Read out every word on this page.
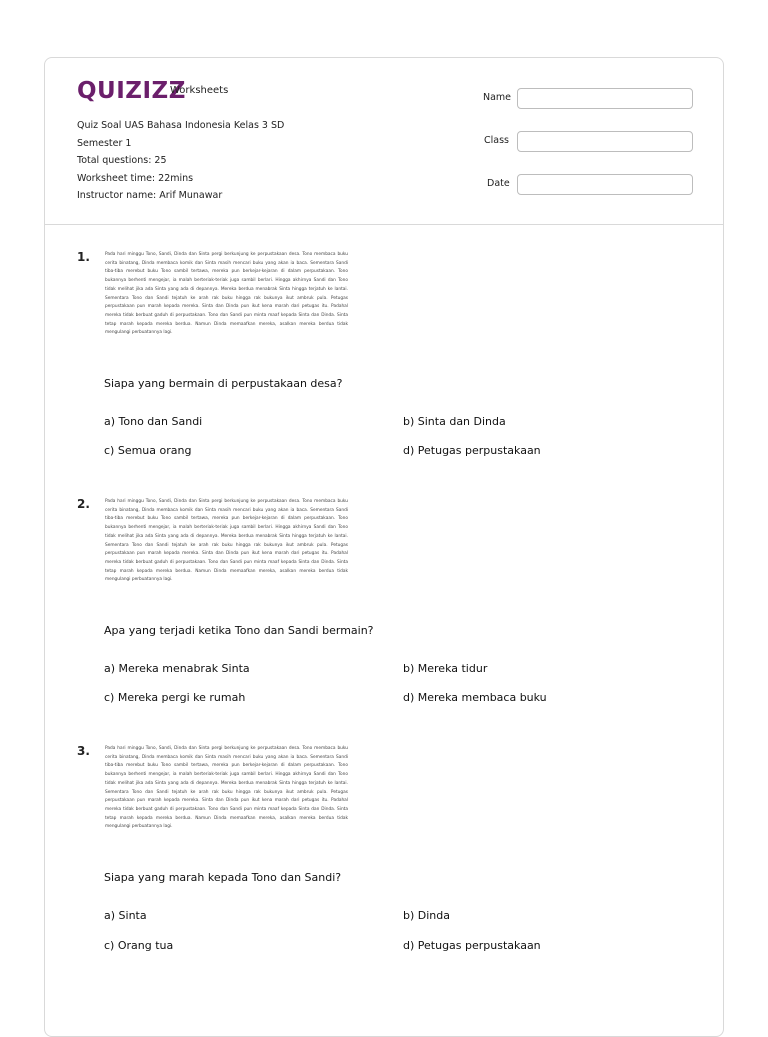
QUIZIZZ
Worksheets
Quiz Soal UAS Bahasa Indonesia Kelas 3 SD
Semester 1
Total questions: 25
Worksheet time: 22mins
Instructor name: Arif Munawar
Name
Class
Date
1.	Pada hari minggu Tono, Sandi, Dinda dan Sinta pergi berkunjung ke perpustakaan desa. Tono membaca buku cerita binatang, Dinda membaca komik dan Sinta masih mencari buku yang akan ia baca. Sementara Sandi tiba-tiba merebut buku Tono sambil tertawa, mereka pun berkejar-kejaran di dalam perpustakaan. Tono bukannya berhenti mengejar, ia malah berteriak-teriak juga sambil berlari. Hingga akhirnya Sandi dan Tono tidak melihat jika ada Sinta yang ada di depannya. Mereka berdua menabrak Sinta hingga terjatuh ke lantai. Sementara Tono dan Sandi tejatuh ke arah rak buku hingga rak bukunya ikut ambruk pula. Petugas perpustakaan pun marah kepada mereka. Sinta dan Dinda pun ikut kena marah dari petugas itu. Padahal mereka tidak berbuat gaduh di perpustakaan. Tono dan Sandi pun minta maaf kepada Sinta dan Dinda. Sinta tetap marah kepada mereka berdua. Namun Dinda memaafkan mereka, asalkan mereka berdua tidak mengulangi perbuatannya lagi.
Siapa yang bermain di perpustakaan desa?
a) Tono dan Sandi	b) Sinta dan Dinda
c) Semua orang	d) Petugas perpustakaan
2.	Pada hari minggu Tono, Sandi, Dinda dan Sinta pergi berkunjung ke perpustakaan desa. Tono membaca buku cerita binatang, Dinda membaca komik dan Sinta masih mencari buku yang akan ia baca. Sementara Sandi tiba-tiba merebut buku Tono sambil tertawa, mereka pun berkejar-kejaran di dalam perpustakaan. Tono bukannya berhenti mengejar, ia malah berteriak-teriak juga sambil berlari. Hingga akhirnya Sandi dan Tono tidak melihat jika ada Sinta yang ada di depannya. Mereka berdua menabrak Sinta hingga terjatuh ke lantai. Sementara Tono dan Sandi tejatuh ke arah rak buku hingga rak bukunya ikut ambruk pula. Petugas perpustakaan pun marah kepada mereka. Sinta dan Dinda pun ikut kena marah dari petugas itu. Padahal mereka tidak berbuat gaduh di perpustakaan. Tono dan Sandi pun minta maaf kepada Sinta dan Dinda. Sinta tetap marah kepada mereka berdua. Namun Dinda memaafkan mereka, asalkan mereka berdua tidak mengulangi perbuatannya lagi.
Apa yang terjadi ketika Tono dan Sandi bermain?
a) Mereka menabrak Sinta	b) Mereka tidur
c) Mereka pergi ke rumah	d) Mereka membaca buku
3.	Pada hari minggu Tono, Sandi, Dinda dan Sinta pergi berkunjung ke perpustakaan desa. Tono membaca buku cerita binatang, Dinda membaca komik dan Sinta masih mencari buku yang akan ia baca. Sementara Sandi tiba-tiba merebut buku Tono sambil tertawa, mereka pun berkejar-kejaran di dalam perpustakaan. Tono bukannya berhenti mengejar, ia malah berteriak-teriak juga sambil berlari. Hingga akhirnya Sandi dan Tono tidak melihat jika ada Sinta yang ada di depannya. Mereka berdua menabrak Sinta hingga terjatuh ke lantai. Sementara Tono dan Sandi tejatuh ke arah rak buku hingga rak bukunya ikut ambruk pula. Petugas perpustakaan pun marah kepada mereka. Sinta dan Dinda pun ikut kena marah dari petugas itu. Padahal mereka tidak berbuat gaduh di perpustakaan. Tono dan Sandi pun minta maaf kepada Sinta dan Dinda. Sinta tetap marah kepada mereka berdua. Namun Dinda memaafkan mereka, asalkan mereka berdua tidak mengulangi perbuatannya lagi.
Siapa yang marah kepada Tono dan Sandi?
a) Sinta	b) Dinda
c) Orang tua	d) Petugas perpustakaan
